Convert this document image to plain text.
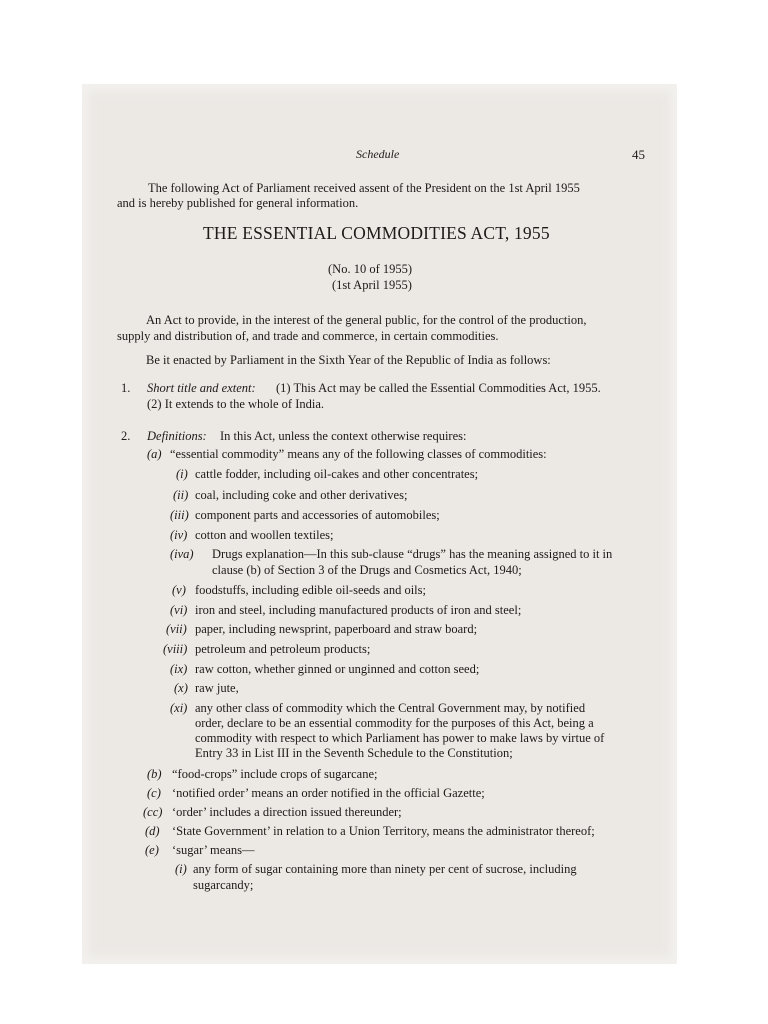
Schedule	45
The following Act of Parliament received assent of the President on the 1st April 1955
and is hereby published for general information.
THE ESSENTIAL COMMODITIES ACT, 1955
(No. 10 of 1955)
(1st April 1955)
An Act to provide, in the interest of the general public, for the control of the production,
supply and distribution of, and trade and commerce, in certain commodities.
Be it enacted by Parliament in the Sixth Year of the Republic of India as follows:
1. Short title and extent: (1) This Act may be called the Essential Commodities Act, 1955.
(2) It extends to the whole of India.
2. Definitions: In this Act, unless the context otherwise requires:
(a) “essential commodity” means any of the following classes of commodities:
(i) cattle fodder, including oil-cakes and other concentrates;
(ii) coal, including coke and other derivatives;
(iii) component parts and accessories of automobiles;
(iv) cotton and woollen textiles;
(iva) Drugs explanation—In this sub-clause “drugs” has the meaning assigned to it in
clause (b) of Section 3 of the Drugs and Cosmetics Act, 1940;
(v) foodstuffs, including edible oil-seeds and oils;
(vi) iron and steel, including manufactured products of iron and steel;
(vii) paper, including newsprint, paperboard and straw board;
(viii) petroleum and petroleum products;
(ix) raw cotton, whether ginned or unginned and cotton seed;
(x) raw jute,
(xi) any other class of commodity which the Central Government may, by notified
order, declare to be an essential commodity for the purposes of this Act, being a
commodity with respect to which Parliament has power to make laws by virtue of
Entry 33 in List III in the Seventh Schedule to the Constitution;
(b) “food-crops” include crops of sugarcane;
(c) ‘notified order’ means an order notified in the official Gazette;
(cc) ‘order’ includes a direction issued thereunder;
(d) ‘State Government’ in relation to a Union Territory, means the administrator thereof;
(e) ‘sugar’ means—
(i) any form of sugar containing more than ninety per cent of sucrose, including
sugarcandy;
